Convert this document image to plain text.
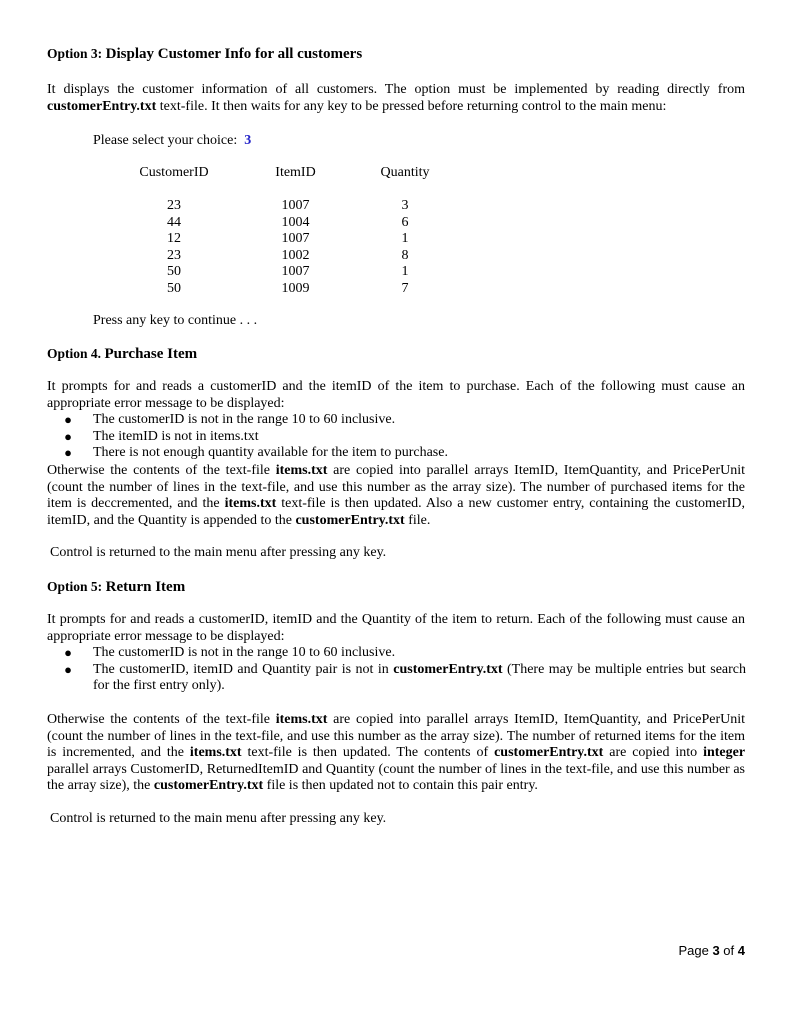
Option 3: Display Customer Info for all customers
It displays the customer information of all customers. The option must be implemented by reading directly from
customerEntry.txt text-file. It then waits for any key to be pressed before returning control to the main menu:
Please select your choice: 3
CustomerID	ItemID	Quantity

23	1007	3
44	1004	6
12	1007	1
23	1002	8
50	1007	1
50	1009	7
Press any key to continue . . .
Option 4. Purchase Item
It prompts for and reads a customerID and the itemID of the item to purchase. Each of the following must cause an
appropriate error message to be displayed:
● The customerID is not in the range 10 to 60 inclusive.
● The itemID is not in items.txt
● There is not enough quantity available for the item to purchase.
Otherwise the contents of the text-file items.txt are copied into parallel arrays ItemID, ItemQuantity, and PricePerUnit (count the number of lines in the text-file, and use this number as the array size). The number of purchased items for the item is deccremented, and the items.txt text-file is then updated. Also a new customer entry, containing the customerID, itemID, and the Quantity is appended to the customerEntry.txt file.
Control is returned to the main menu after pressing any key.
Option 5: Return Item
It prompts for and reads a customerID, itemID and the Quantity of the item to return. Each of the following must cause an
appropriate error message to be displayed:
● The customerID is not in the range 10 to 60 inclusive.
● The customerID, itemID and Quantity pair is not in customerEntry.txt (There may be multiple entries but search for the first entry only).
Otherwise the contents of the text-file items.txt are copied into parallel arrays ItemID, ItemQuantity, and PricePerUnit (count the number of lines in the text-file, and use this number as the array size). The number of returned items for the item is incremented, and the items.txt text-file is then updated. The contents of customerEntry.txt are copied into integer parallel arrays CustomerID, ReturnedItemID and Quantity (count the number of lines in the text-file, and use this number as the array size), the customerEntry.txt file is then updated not to contain this pair entry.
Control is returned to the main menu after pressing any key.
Page 3 of 4
